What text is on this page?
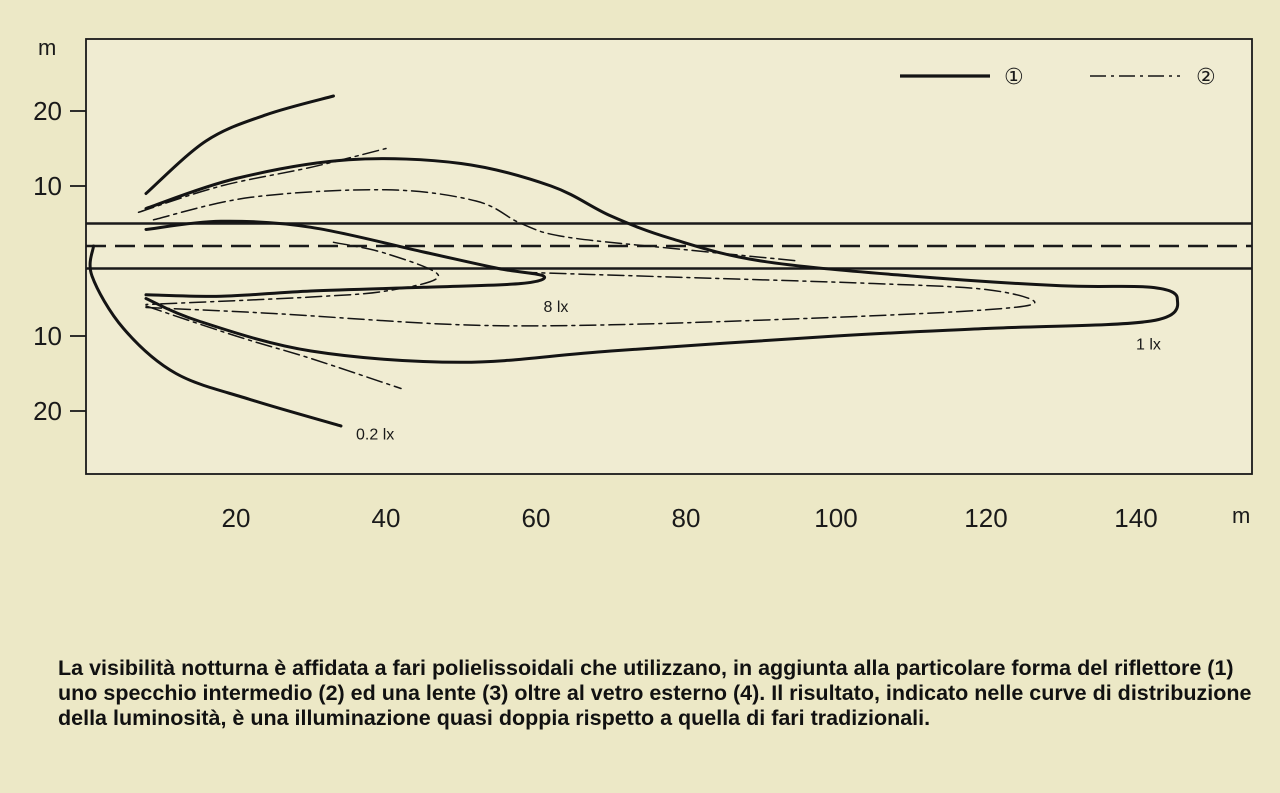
20
10
10
20
20	40	60	80	100	120	140
①	②
1 lx
8 lx
0.2 lx
m
m

La visibilità notturna è affidata a fari polielissoidali che utilizzano, in aggiunta alla particolare forma del riflettore (1) uno specchio intermedio (2) ed una lente (3) oltre al vetro esterno (4). Il risultato, indicato nelle curve di distribuzione della luminosità, è una illuminazione quasi doppia rispetto a quella di fari tradizionali.
